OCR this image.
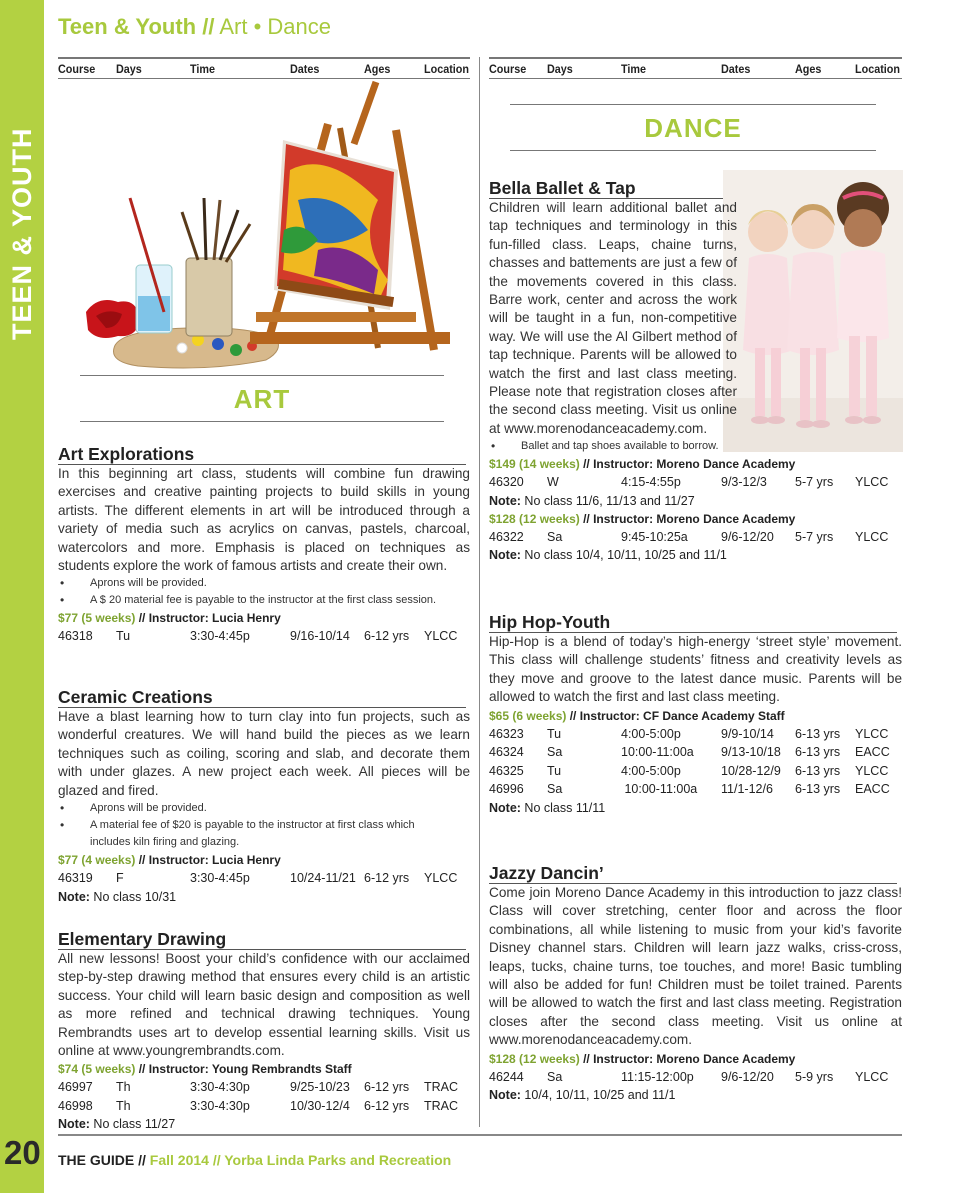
TEEN & YOUTH
20
Teen & Youth // Art • Dance
Course	Days	Time	Dates	Ages	Location Course	Days	Time	Dates	Ages	Location
ART
Art Explorations

In this beginning art class, students will combine fun drawing exercises and creative painting projects to build skills in young artists. The different elements in art will be introduced through a variety of media such as acrylics on canvas, pastels, charcoal, watercolors and more. Emphasis is placed on techniques as students explore the work of famous artists and create their own.

• Aprons will be provided.
• A $ 20 material fee is payable to the instructor at the first class session.
$77 (5 weeks) // Instructor: Lucia Henry
46318	Tu	3:30-4:45p	9/16-10/14	6-12 yrs	YLCC
Ceramic Creations

Have a blast learning how to turn clay into fun projects, such as wonderful creatures. We will hand build the pieces as we learn techniques such as coiling, scoring and slab, and decorate them with under glazes. A new project each week. All pieces will be glazed and fired.

• Aprons will be provided.
• A material fee of $20 is payable to the instructor at first class which
includes kiln firing and glazing.
$77 (4 weeks) // Instructor: Lucia Henry
46319	F	3:30-4:45p	10/24-11/21 6-12 yrs	YLCC
Note: No class 10/31
Elementary Drawing

All new lessons! Boost your child’s confidence with our acclaimed step-by-step drawing method that ensures every child is an artistic success. Your child will learn basic design and composition as well as more refined and technical drawing techniques. Young Rembrandts uses art to develop essential learning skills. Visit us online at www.youngrembrandts.com.

$74 (5 weeks) // Instructor: Young Rembrandts Staff
46997	Th	3:30-4:30p	9/25-10/23	6-12 yrs	TRAC
46998	Th	3:30-4:30p	10/30-12/4	6-12 yrs	TRAC
Note: No class 11/27
DANCE
Bella Ballet & Tap

Children will learn additional ballet and tap techniques and terminology in this fun-filled class. Leaps, chaine turns, chasses and battements are just a few of the movements covered in this class. Barre work, center and across the work will be taught in a fun, non-competitive way. We will use the Al Gilbert method of tap technique. Parents will be allowed to watch the first and last class meeting. Please note that registration closes after the second class meeting. Visit us online at www.morenodanceacademy.com.

• Ballet and tap shoes available to borrow.
$149 (14 weeks) // Instructor: Moreno Dance Academy
46320	W	4:15-4:55p	9/3-12/3	5-7 yrs	YLCC
Note: No class 11/6, 11/13 and 11/27
$128 (12 weeks) // Instructor: Moreno Dance Academy
46322	Sa	9:45-10:25a	9/6-12/20	5-7 yrs	YLCC
Note: No class 10/4, 10/11, 10/25 and 11/1
Hip Hop-Youth

Hip-Hop is a blend of today’s high-energy ‘street style’ movement. This class will challenge students’ fitness and creativity levels as they move and groove to the latest dance music. Parents will be allowed to watch the first and last class meeting.

$65 (6 weeks) // Instructor: CF Dance Academy Staff
46323	Tu	4:00-5:00p	9/9-10/14	6-13 yrs	YLCC
46324	Sa	10:00-11:00a	9/13-10/18	6-13 yrs	EACC
46325	Tu	4:00-5:00p	10/28-12/9	6-13 yrs	YLCC
46996	Sa	10:00-11:00a	11/1-12/6	6-13 yrs	EACC
Note: No class 11/11
Jazzy Dancin’

Come join Moreno Dance Academy in this introduction to jazz class! Class will cover stretching, center floor and across the floor combinations, all while listening to music from your kid’s favorite Disney channel stars. Children will learn jazz walks, criss-cross, leaps, tucks, chaine turns, toe touches, and more! Basic tumbling will also be added for fun! Children must be toilet trained. Parents will be allowed to watch the first and last class meeting. Registration closes after the second class meeting. Visit us online at www.morenodanceacademy.com.

$128 (12 weeks) // Instructor: Moreno Dance Academy
46244	Sa	11:15-12:00p	9/6-12/20	5-9 yrs	YLCC
Note: 10/4, 10/11, 10/25 and 11/1
THE GUIDE // Fall 2014 // Yorba Linda Parks and Recreation
